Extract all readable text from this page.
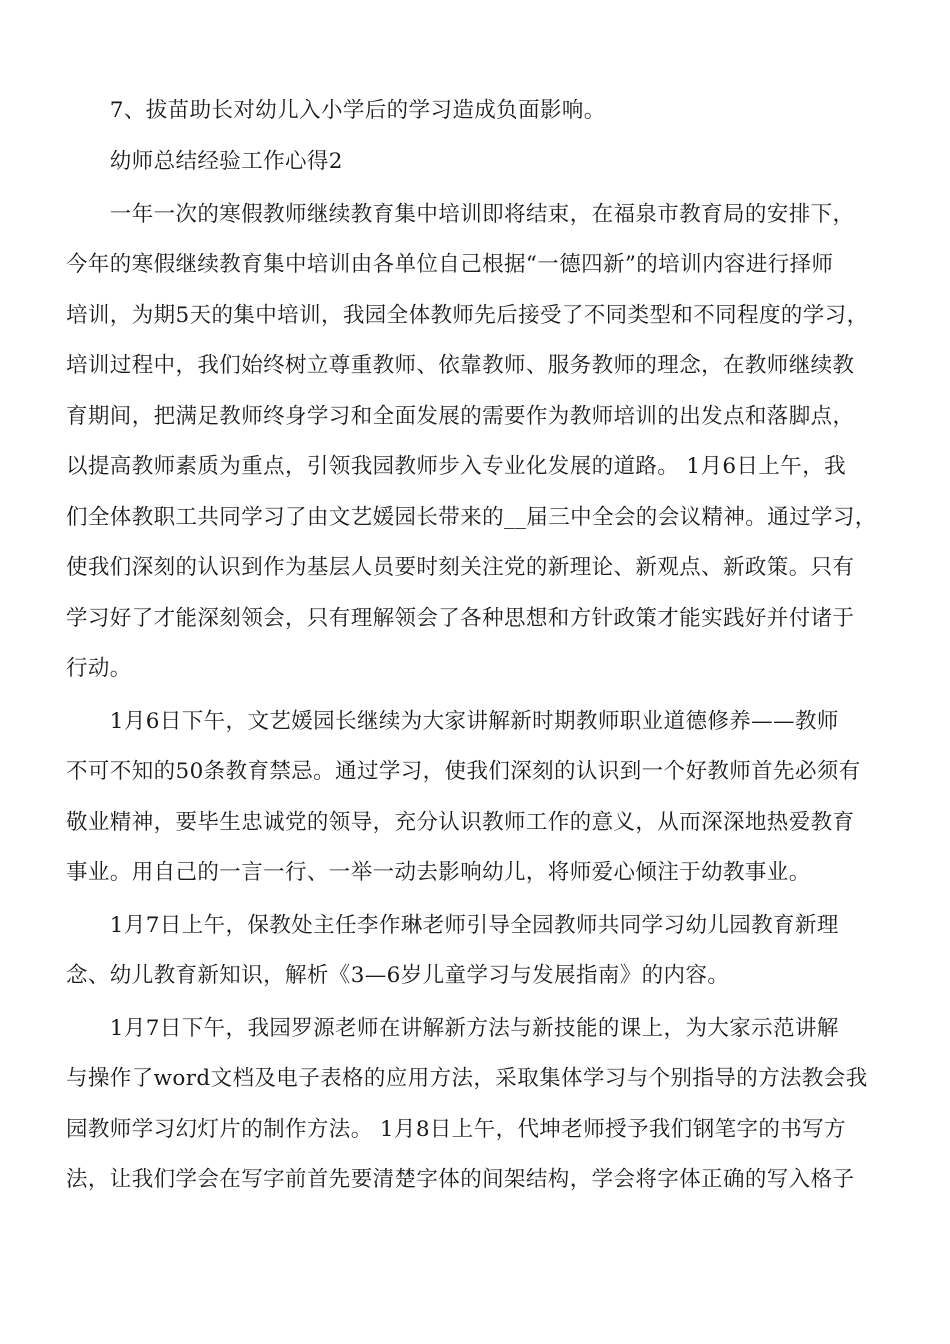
　　7、拔苗助长对幼儿入小学后的学习造成负面影响。
　　幼师总结经验工作心得2
　　一年一次的寒假教师继续教育集中培训即将结束，在福泉市教育局的安排下，
今年的寒假继续教育集中培训由各单位自己根据“一德四新”的培训内容进行择师
培训，为期5天的集中培训，我园全体教师先后接受了不同类型和不同程度的学习，
培训过程中，我们始终树立尊重教师、依靠教师、服务教师的理念，在教师继续教
育期间，把满足教师终身学习和全面发展的需要作为教师培训的出发点和落脚点，
以提高教师素质为重点，引领我园教师步入专业化发展的道路。 1月6日上午，我
们全体教职工共同学习了由文艺媛园长带来的__届三中全会的会议精神。通过学习，
使我们深刻的认识到作为基层人员要时刻关注党的新理论、新观点、新政策。只有
学习好了才能深刻领会，只有理解领会了各种思想和方针政策才能实践好并付诸于
行动。
　　1月6日下午，文艺媛园长继续为大家讲解新时期教师职业道德修养——教师
不可不知的50条教育禁忌。通过学习，使我们深刻的认识到一个好教师首先必须有
敬业精神，要毕生忠诚党的领导，充分认识教师工作的意义，从而深深地热爱教育
事业。用自己的一言一行、一举一动去影响幼儿，将师爱心倾注于幼教事业。
　　1月7日上午，保教处主任李作琳老师引导全园教师共同学习幼儿园教育新理
念、幼儿教育新知识，解析《3—6岁儿童学习与发展指南》的内容。
　　1月7日下午，我园罗源老师在讲解新方法与新技能的课上，为大家示范讲解
与操作了word文档及电子表格的应用方法，采取集体学习与个别指导的方法教会我
园教师学习幻灯片的制作方法。 1月8日上午，代坤老师授予我们钢笔字的书写方
法，让我们学会在写字前首先要清楚字体的间架结构，学会将字体正确的写入格子
